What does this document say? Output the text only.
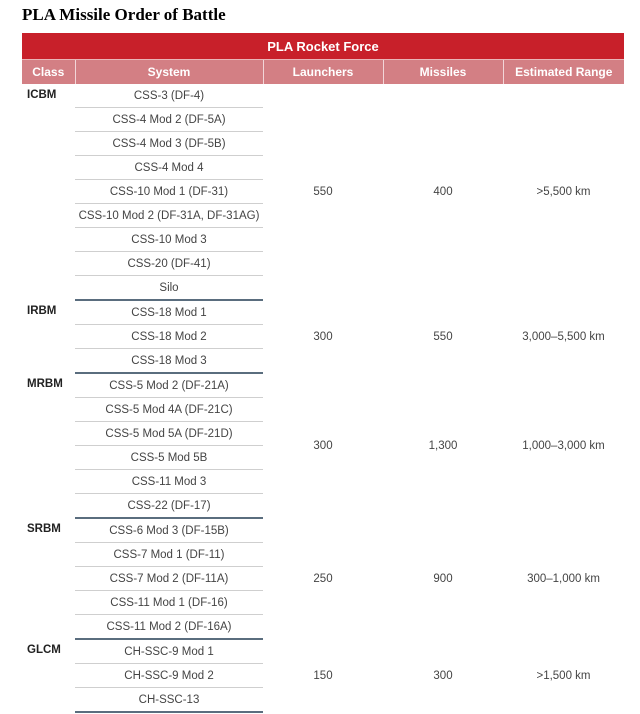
PLA Missile Order of Battle
PLA Rocket Force				
Class	System	Launchers	Missiles	Estimated Range
ICBM	CSS-3 (DF-4)	550	400	>5,500 km
	CSS-4 Mod 2 (DF-5A)			
	CSS-4 Mod 3 (DF-5B)			
	CSS-4 Mod 4			
	CSS-10 Mod 1 (DF-31)			
	CSS-10 Mod 2 (DF-31A, DF-31AG)			
	CSS-10 Mod 3			
	CSS-20 (DF-41)			
	Silo			
IRBM	CSS-18 Mod 1	300	550	3,000–5,500 km
	CSS-18 Mod 2			
	CSS-18 Mod 3			
MRBM	CSS-5 Mod 2 (DF-21A)	300	1,300	1,000–3,000 km
	CSS-5 Mod 4A (DF-21C)			
	CSS-5 Mod 5A (DF-21D)			
	CSS-5 Mod 5B			
	CSS-11 Mod 3			
	CSS-22 (DF-17)			
SRBM	CSS-6 Mod 3 (DF-15B)	250	900	300–1,000 km
	CSS-7 Mod 1 (DF-11)			
	CSS-7 Mod 2 (DF-11A)			
	CSS-11 Mod 1 (DF-16)			
	CSS-11 Mod 2 (DF-16A)			
GLCM	CH-SSC-9 Mod 1	150	300	>1,500 km
	CH-SSC-9 Mod 2			
	CH-SSC-13			
